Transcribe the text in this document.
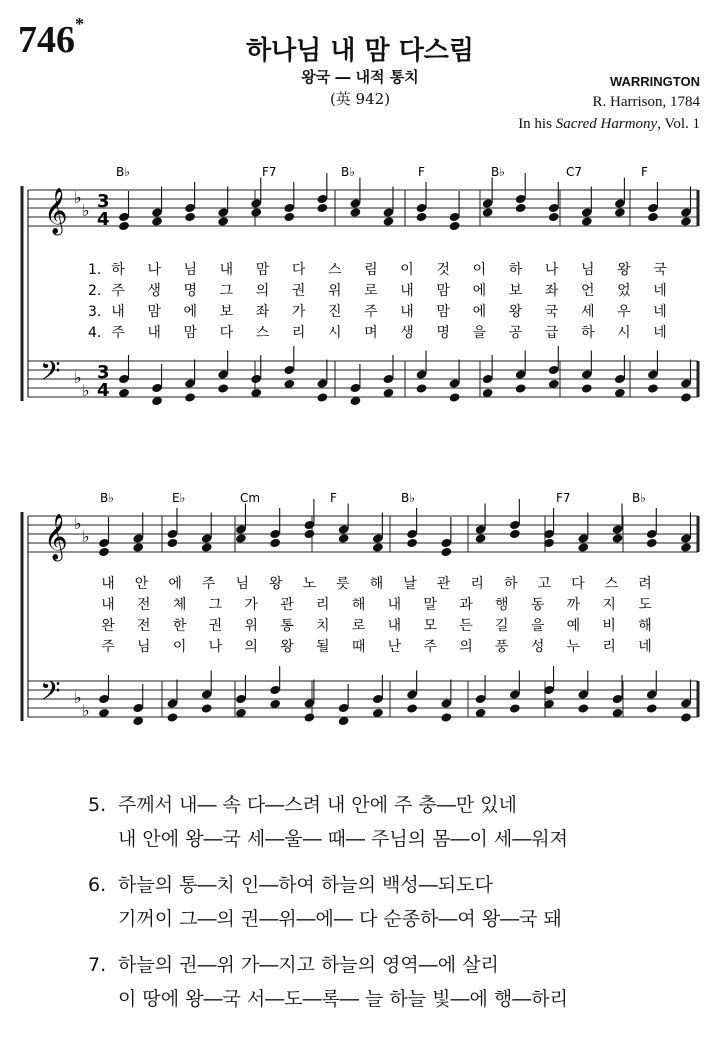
746*
하나님 내 맘 다스림
왕국 ― 내적 통치
(英 942)
WARRINGTON
R. Harrison, 1784
In his Sacred Harmony, Vol. 1
𝄞
𝄢
♭
♭
♭
♭
3
4
3
4
B♭	F7	B♭	F	B♭	C7	F
1. 하 나 님 내 맘 다 스 림 이 것 이 하 나 님 왕 국
2. 주 생 명 그 의 권 위 로 내 맘 에 보 좌 언 었 네
3. 내 맘 에 보 좌 가 진 주 내 맘 에 왕 국 세 우 네
4. 주 내 맘 다 스 리 시 며 생 명 을 공 급 하 시 네
𝄞
𝄢
♭
♭
♭
♭
B♭	E♭	Cm	F	B♭	F7	B♭
내 안 에 주 님 왕 노 릇 해 날 관 리 하 고 다 스 려
내 전 체 그 가 관 리 해 내 말 과 행 동 까 지 도
완 전 한 권 위 통 치 로 내 모 든 길 을 예 비 해
주 님 이 나 의 왕 될 때 난 주 의 풍 성 누 리 네
5. 주께서 내― 속 다―스려 내 안에 주 충―만 있네
내 안에 왕―국 세―울― 때― 주님의 몸―이 세―워져
6. 하늘의 통―치 인―하여 하늘의 백성―되도다
기꺼이 그―의 권―위―에― 다 순종하―여 왕―국 돼
7. 하늘의 권―위 가―지고 하늘의 영역―에 살리
이 땅에 왕―국 서―도―록― 늘 하늘 빛―에 행―하리
